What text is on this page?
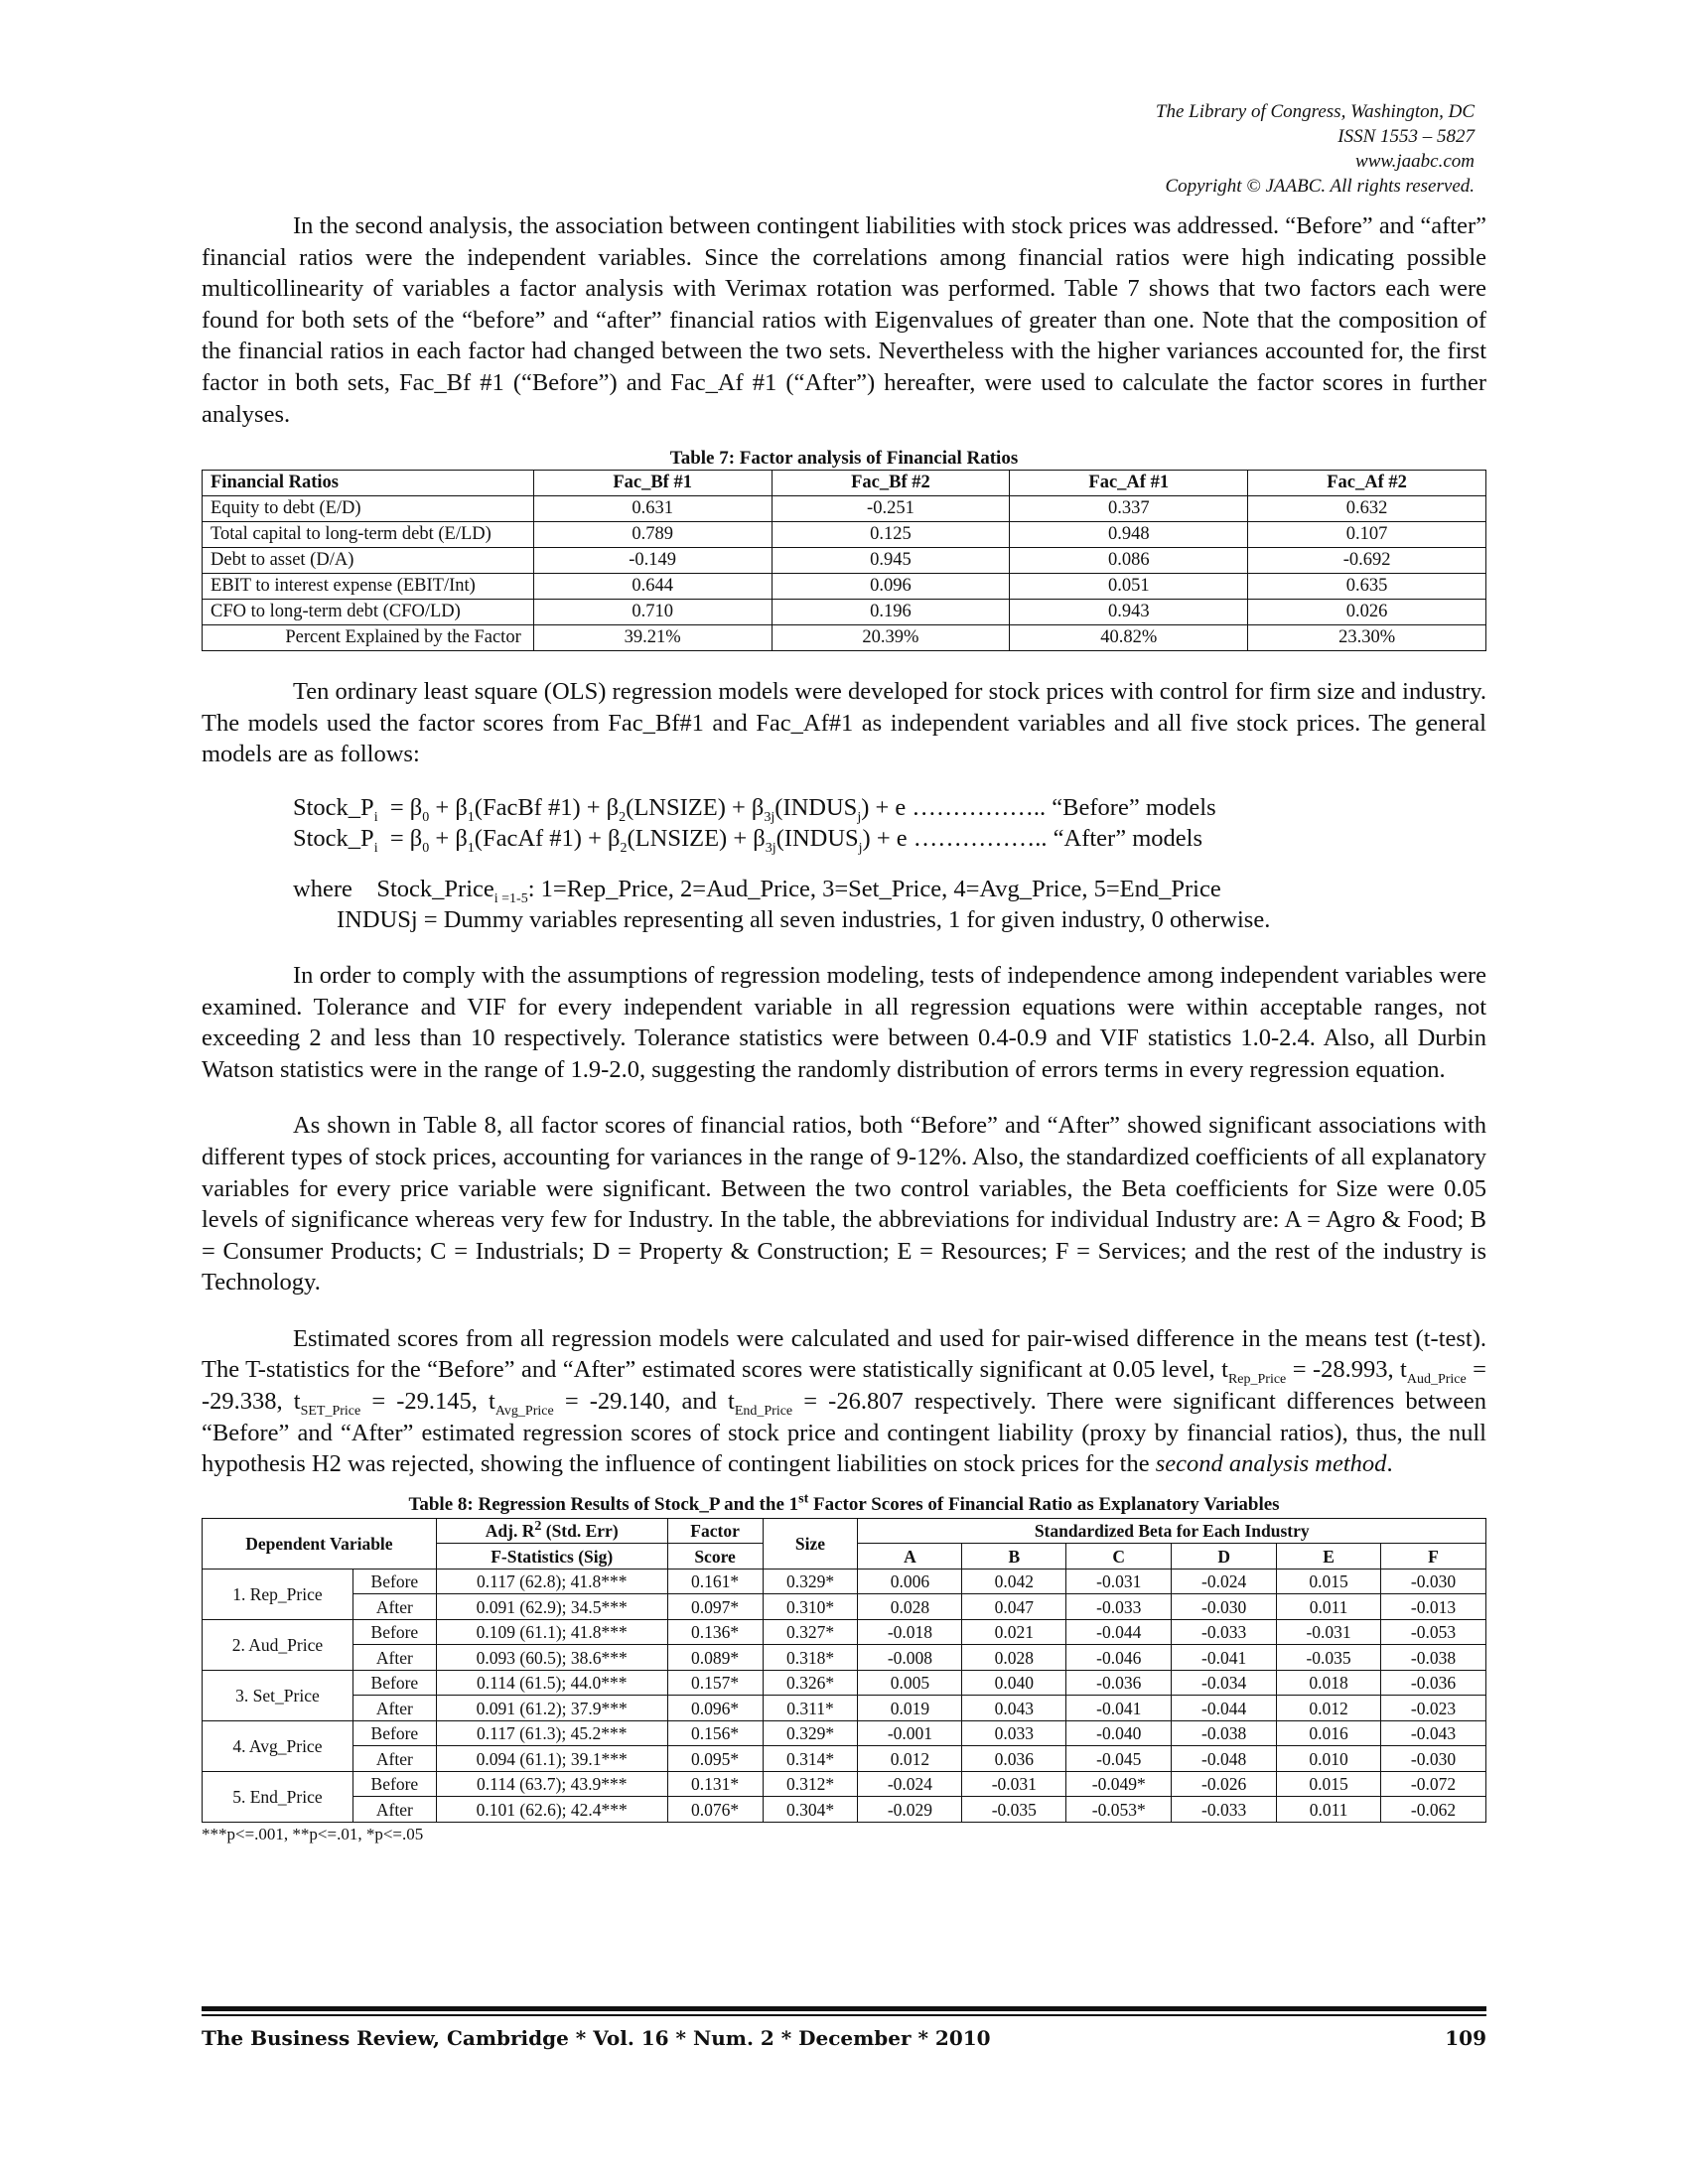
The Library of Congress, Washington, DC
ISSN 1553 – 5827
www.jaabc.com
Copyright © JAABC. All rights reserved.

In the second analysis, the association between contingent liabilities with stock prices was addressed. “Before” and “after” financial ratios were the independent variables. Since the correlations among financial ratios were high indicating possible multicollinearity of variables a factor analysis with Verimax rotation was performed. Table 7 shows that two factors each were found for both sets of the “before” and “after” financial ratios with Eigenvalues of greater than one. Note that the composition of the financial ratios in each factor had changed between the two sets. Nevertheless with the higher variances accounted for, the first factor in both sets, Fac_Bf #1 (“Before”) and Fac_Af #1 (“After”) hereafter, were used to calculate the factor scores in further analyses.

Table 7: Factor analysis of Financial Ratios
Financial Ratios	Fac_Bf #1	Fac_Bf #2	Fac_Af #1	Fac_Af #2
Equity to debt (E/D)	0.631	-0.251	0.337	0.632
Total capital to long-term debt (E/LD)	0.789	0.125	0.948	0.107
Debt to asset (D/A)	-0.149	0.945	0.086	-0.692
EBIT to interest expense (EBIT/Int)	0.644	0.096	0.051	0.635
CFO to long-term debt (CFO/LD)	0.710	0.196	0.943	0.026
Percent Explained by the Factor	39.21%	20.39%	40.82%	23.30%

Ten ordinary least square (OLS) regression models were developed for stock prices with control for firm size and industry. The models used the factor scores from Fac_Bf#1 and Fac_Af#1 as independent variables and all five stock prices. The general models are as follows:

$Stock\_P_i = \beta_0$ + $\beta_1(FacBf$ #1) + $\beta_2(LNSIZE)$ + $\beta_{3j}(INDUS_j) + e$ …………….. “Before” models
$Stock\_P_i = \beta_0$ + $\beta_1(FacAf$ #1) + $\beta_2(LNSIZE)$ + $\beta_{3j}(INDUS_j) + e$ …………….. “After” models
where    Stock_Price$_{i =1-5}$: 1=Rep_Price, 2=Aud_Price, 3=Set_Price, 4=Avg_Price, 5=End_Price
INDUSj = Dummy variables representing all seven industries, 1 for given industry, 0 otherwise.

In order to comply with the assumptions of regression modeling, tests of independence among independent variables were examined. Tolerance and VIF for every independent variable in all regression equations were within acceptable ranges, not exceeding 2 and less than 10 respectively. Tolerance statistics were between 0.4-0.9 and VIF statistics 1.0-2.4. Also, all Durbin Watson statistics were in the range of 1.9-2.0, suggesting the randomly distribution of errors terms in every regression equation.

As shown in Table 8, all factor scores of financial ratios, both “Before” and “After” showed significant associations with different types of stock prices, accounting for variances in the range of 9-12%. Also, the standardized coefficients of all explanatory variables for every price variable were significant. Between the two control variables, the Beta coefficients for Size were 0.05 levels of significance whereas very few for Industry. In the table, the abbreviations for individual Industry are: A = Agro & Food; B = Consumer Products; C = Industrials; D = Property & Construction; E = Resources; F = Services; and the rest of the industry is Technology.

Estimated scores from all regression models were calculated and used for pair-wised difference in the means test (t-test). The T-statistics for the “Before” and “After” estimated scores were statistically significant at 0.05 level, $t_{Rep\_Price} = -28.993$, $t_{Aud\_Price} = -29.338$, $t_{SET\_Price} = -29.145$, $t_{Avg\_Price} = -29.140$, and $t_{End\_Price} = -26.807$ respectively. There were significant differences between “Before” and “After” estimated regression scores of stock price and contingent liability (proxy by financial ratios), thus, the null hypothesis H2 was rejected, showing the influence of contingent liabilities on stock prices for the second analysis method.

Table 8: Regression Results of Stock_P and the 1st Factor Scores of Financial Ratio as Explanatory Variables
Dependent Variable		Adj. $R^2$ (Std. Err)	Factor	Size	Standardized Beta for Each Industry					
		F-Statistics (Sig)	Score		A	B	C	D	E	F
1. Rep_Price	Before	0.117 (62.8); 41.8***	0.161*	0.329*	0.006	0.042	-0.031	-0.024	0.015	-0.030
	After	0.091 (62.9); 34.5***	0.097*	0.310*	0.028	0.047	-0.033	-0.030	0.011	-0.013
2. Aud_Price	Before	0.109 (61.1); 41.8***	0.136*	0.327*	-0.018	0.021	-0.044	-0.033	-0.031	-0.053
	After	0.093 (60.5); 38.6***	0.089*	0.318*	-0.008	0.028	-0.046	-0.041	-0.035	-0.038
3. Set_Price	Before	0.114 (61.5); 44.0***	0.157*	0.326*	0.005	0.040	-0.036	-0.034	0.018	-0.036
	After	0.091 (61.2); 37.9***	0.096*	0.311*	0.019	0.043	-0.041	-0.044	0.012	-0.023
4. Avg_Price	Before	0.117 (61.3); 45.2***	0.156*	0.329*	-0.001	0.033	-0.040	-0.038	0.016	-0.043
	After	0.094 (61.1); 39.1***	0.095*	0.314*	0.012	0.036	-0.045	-0.048	0.010	-0.030
5. End_Price	Before	0.114 (63.7); 43.9***	0.131*	0.312*	-0.024	-0.031	-0.049*	-0.026	0.015	-0.072
	After	0.101 (62.6); 42.4***	0.076*	0.304*	-0.029	-0.035	-0.053*	-0.033	0.011	-0.062
***p<=.001, **p<=.01, *p<=.05
The Business Review, Cambridge * Vol. 16 * Num. 2 * December * 2010	109
